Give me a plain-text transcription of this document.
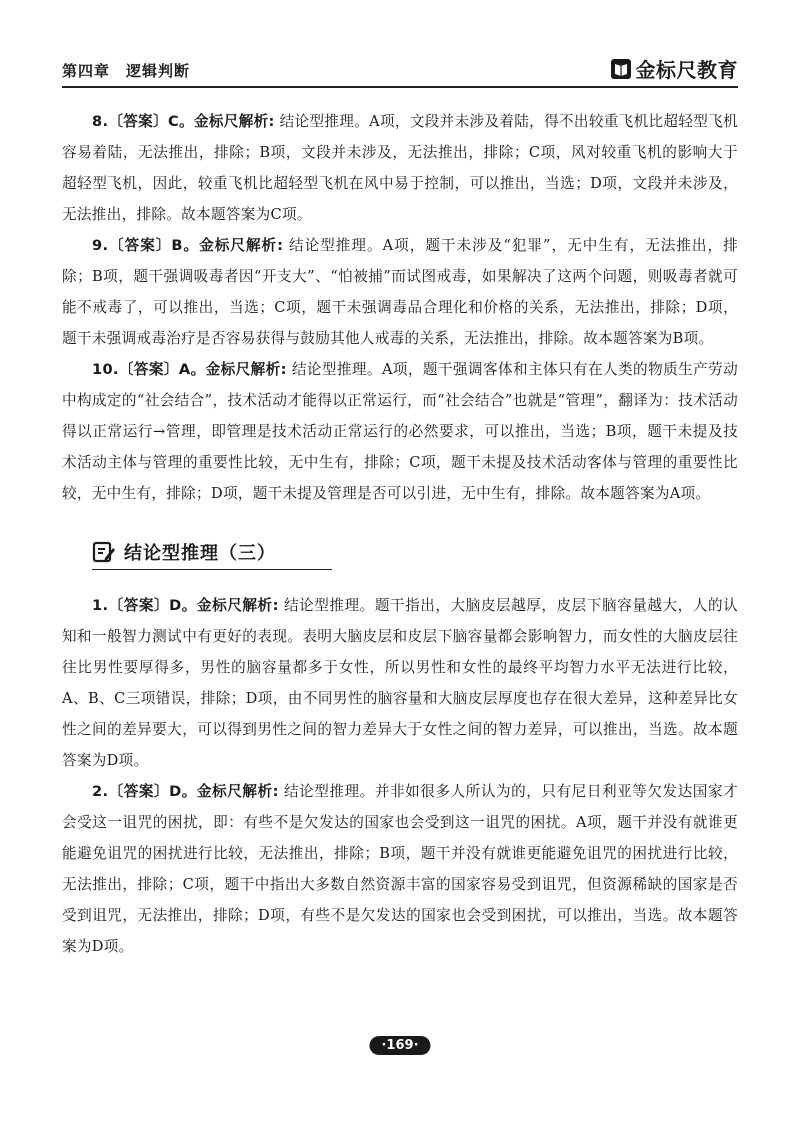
第四章　逻辑判断	金标尺教育

8.〔答案〕C。金标尺解析: 结论型推理。A项，文段并未涉及着陆，得不出较重飞机比超轻型飞机容易着陆，无法推出，排除；B项，文段并未涉及，无法推出，排除；C项，风对较重飞机的影响大于超轻型飞机，因此，较重飞机比超轻型飞机在风中易于控制，可以推出，当选；D项，文段并未涉及，无法推出，排除。故本题答案为C项。

9.〔答案〕B。金标尺解析: 结论型推理。A项，题干未涉及“犯罪”，无中生有，无法推出，排除；B项，题干强调吸毒者因“开支大”、“怕被捕”而试图戒毒，如果解决了这两个问题，则吸毒者就可能不戒毒了，可以推出，当选；C项，题干未强调毒品合理化和价格的关系，无法推出，排除；D项，题干未强调戒毒治疗是否容易获得与鼓励其他人戒毒的关系，无法推出，排除。故本题答案为B项。

10.〔答案〕A。金标尺解析: 结论型推理。A项，题干强调客体和主体只有在人类的物质生产劳动中构成定的“社会结合”，技术活动才能得以正常运行，而“社会结合”也就是“管理”，翻译为：技术活动得以正常运行→管理，即管理是技术活动正常运行的必然要求，可以推出，当选；B项，题干未提及技术活动主体与管理的重要性比较，无中生有，排除；C项，题干未提及技术活动客体与管理的重要性比较，无中生有，排除；D项，题干未提及管理是否可以引进，无中生有，排除。故本题答案为A项。

结论型推理（三）

1.〔答案〕D。金标尺解析: 结论型推理。题干指出，大脑皮层越厚，皮层下脑容量越大，人的认知和一般智力测试中有更好的表现。表明大脑皮层和皮层下脑容量都会影响智力，而女性的大脑皮层往往比男性要厚得多，男性的脑容量都多于女性，所以男性和女性的最终平均智力水平无法进行比较，A、B、C三项错误，排除；D项，由不同男性的脑容量和大脑皮层厚度也存在很大差异，这种差异比女性之间的差异要大，可以得到男性之间的智力差异大于女性之间的智力差异，可以推出，当选。故本题答案为D项。

2.〔答案〕D。金标尺解析: 结论型推理。并非如很多人所认为的，只有尼日利亚等欠发达国家才会受这一诅咒的困扰，即：有些不是欠发达的国家也会受到这一诅咒的困扰。A项，题干并没有就谁更能避免诅咒的困扰进行比较，无法推出，排除；B项，题干并没有就谁更能避免诅咒的困扰进行比较，无法推出，排除；C项，题干中指出大多数自然资源丰富的国家容易受到诅咒，但资源稀缺的国家是否受到诅咒，无法推出，排除；D项，有些不是欠发达的国家也会受到困扰，可以推出，当选。故本题答案为D项。

·169·
